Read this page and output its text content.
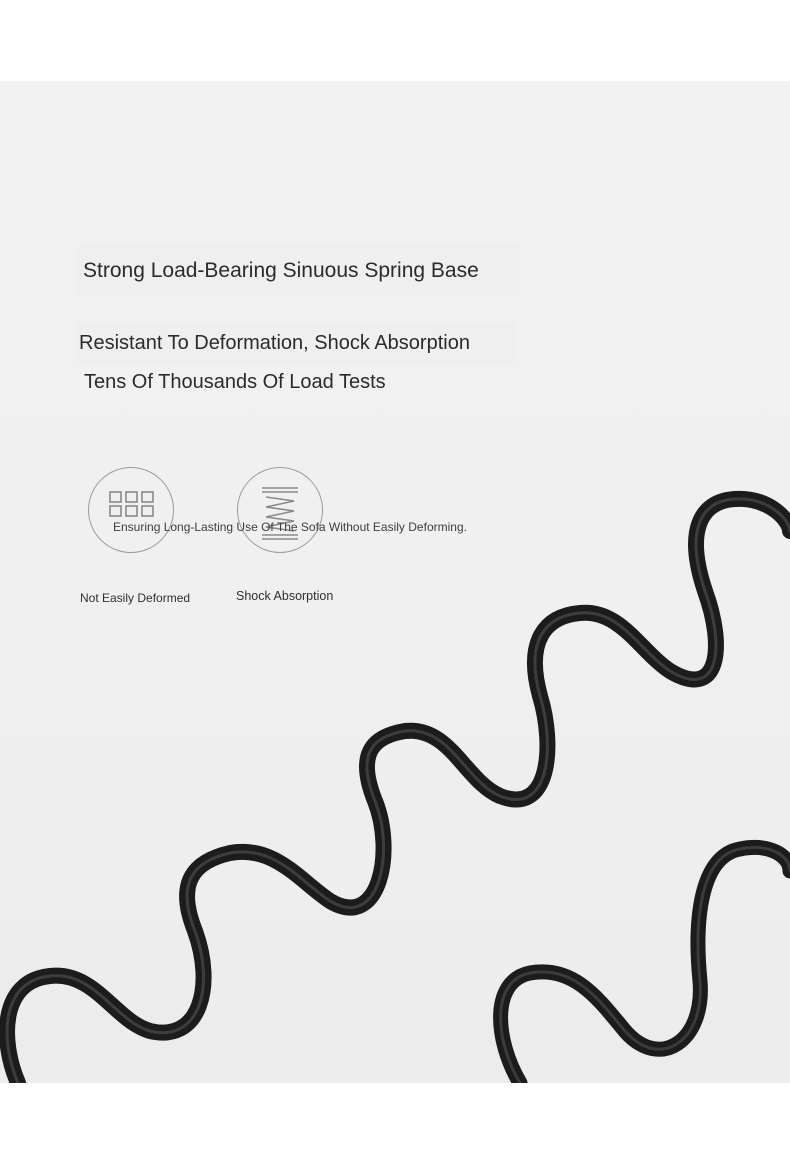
Strong Load-Bearing Sinuous Spring Base
Resistant To Deformation, Shock Absorption
Tens Of Thousands Of Load Tests
Ensuring Long-Lasting Use Of The Sofa Without Easily Deforming.
Not Easily Deformed	Shock Absorption
